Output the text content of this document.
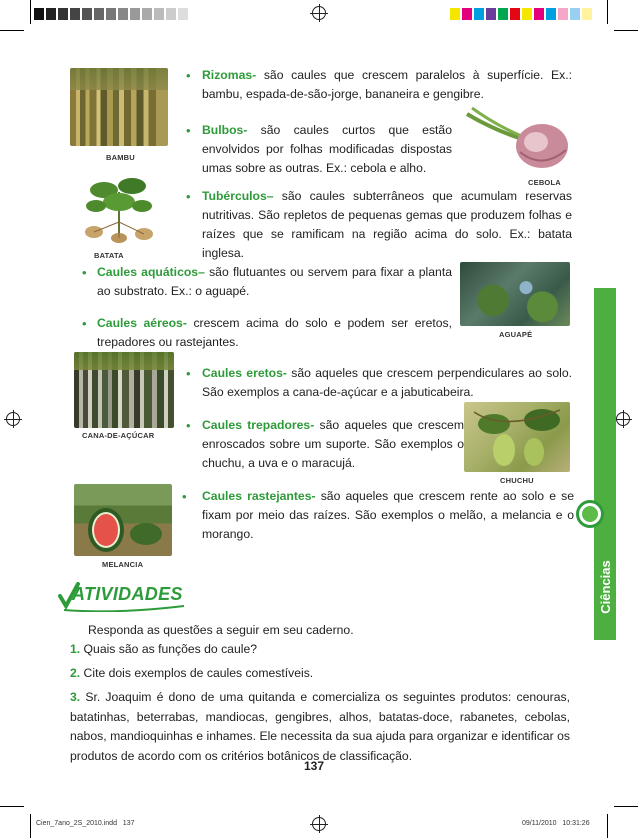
Ciências
BAMBU
CEBOLA
BATATA
AGUAPÉ
CANA-DE-AÇÚCAR
CHUCHU
MELANCIA
• Rizomas- são caules que crescem paralelos à superfície. Ex.: bambu, espada-de-são-jorge, bananeira e gengibre.
• Bulbos- são caules curtos que estão envolvidos por folhas modificadas dispostas umas sobre as outras. Ex.: cebola e alho.
• Tubérculos– são caules subterrâneos que acumulam reservas nutritivas. São repletos de pequenas gemas que produzem folhas e raízes que se ramificam na região acima do solo. Ex.: batata inglesa.
• Caules aquáticos– são flutuantes ou servem para fixar a planta ao substrato. Ex.: o aguapé.
• Caules aéreos- crescem acima do solo e podem ser eretos, trepadores ou rastejantes.
• Caules eretos- são aqueles que crescem perpendiculares ao solo. São exemplos a cana-de-açúcar e a jabuticabeira.
• Caules trepadores- são aqueles que crescem enroscados sobre um suporte. São exemplos o chuchu, a uva e o maracujá.
• Caules rastejantes- são aqueles que crescem rente ao solo e se fixam por meio das raízes. São exemplos o melão, a melancia e o morango.
ATIVIDADES
Responda as questões a seguir em seu caderno.
1. Quais são as funções do caule?
2. Cite dois exemplos de caules comestíveis.
3. Sr. Joaquim é dono de uma quitanda e comercializa os seguintes produtos: cenouras, batatinhas, beterrabas, mandiocas, gengibres, alhos, batatas-doce, rabanetes, cebolas, nabos, mandioquinhas e inhames. Ele necessita da sua ajuda para organizar e identificar os produtos de acordo com os critérios botânicos de classificação.
137
Cien_7ano_2S_2010.indd   137	09/11/2010   10:31:26
